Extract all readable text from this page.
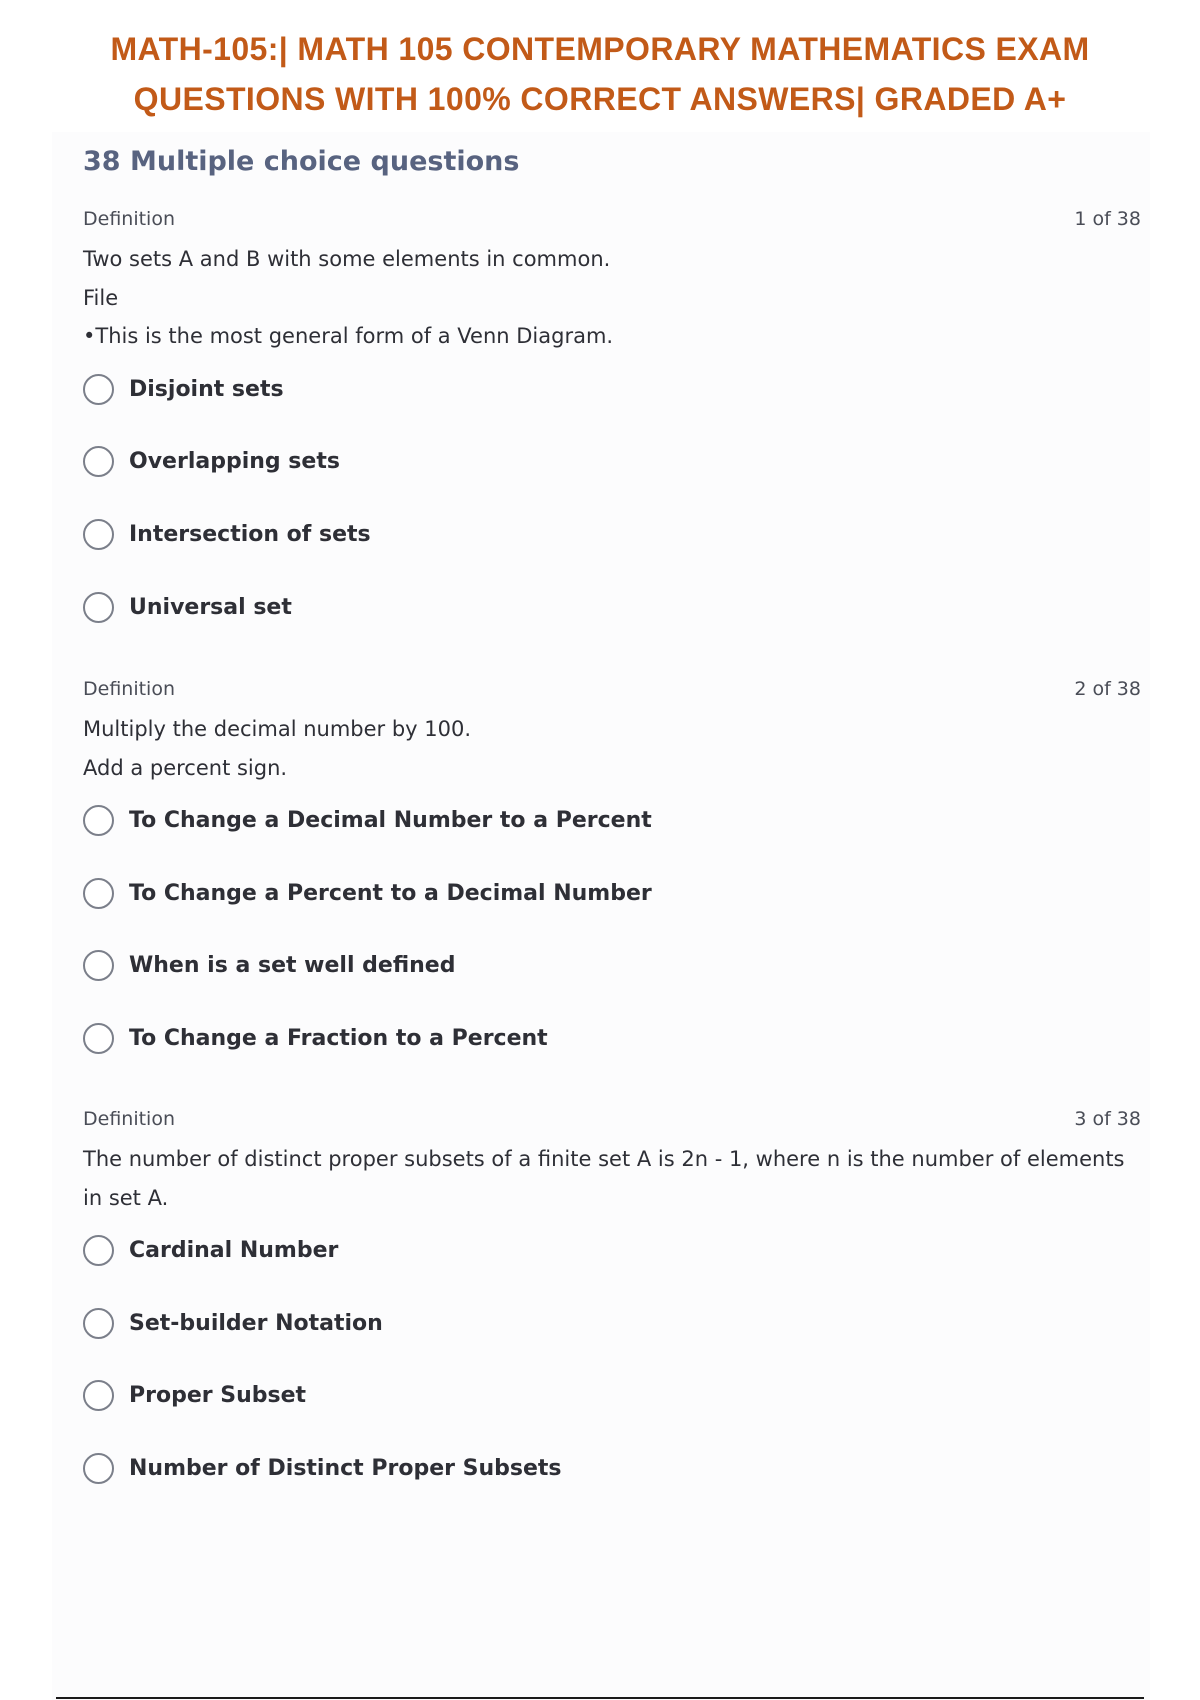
MATH-105:| MATH 105 CONTEMPORARY MATHEMATICS EXAM
QUESTIONS WITH 100% CORRECT ANSWERS| GRADED A+
38 Multiple choice questions
Definition	1 of 38
Two sets A and B with some elements in common.
File
•This is the most general form of a Venn Diagram.
Disjoint sets
Overlapping sets
Intersection of sets
Universal set
Definition	2 of 38
Multiply the decimal number by 100.
Add a percent sign.
To Change a Decimal Number to a Percent
To Change a Percent to a Decimal Number
When is a set well defined
To Change a Fraction to a Percent
Definition	3 of 38
The number of distinct proper subsets of a finite set A is 2n - 1, where n is the number of elements
in set A.
Cardinal Number
Set-builder Notation
Proper Subset
Number of Distinct Proper Subsets
